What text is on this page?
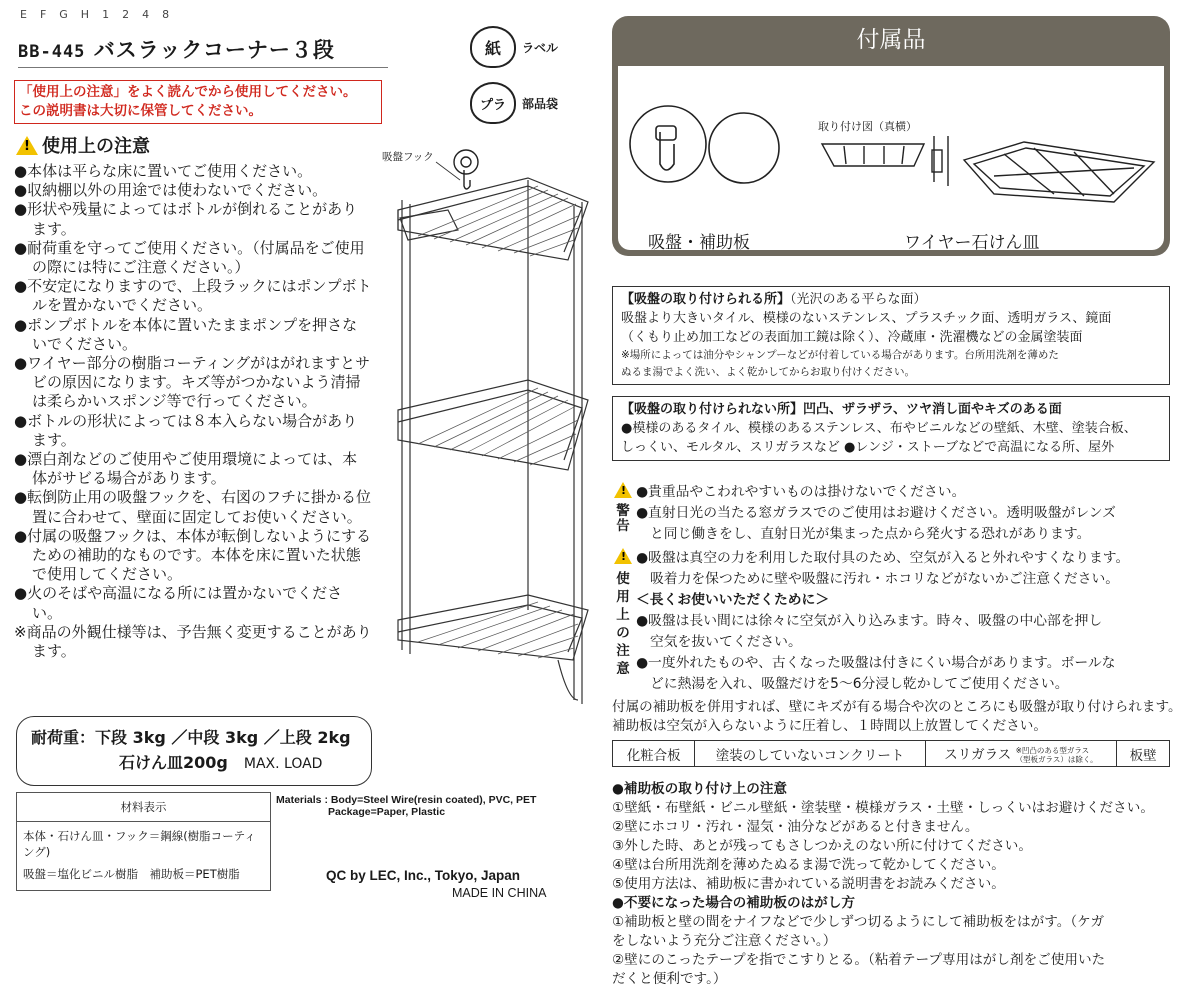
EFGH1248
BB-445 バスラックコーナー３段	紙	ラベル
プラ	部品袋
「使用上の注意」をよく読んでから使用してください。
この説明書は大切に保管してください。
!
使用上の注意
●本体は平らな床に置いてご使用ください。
●収納棚以外の用途では使わないでください。
●形状や残量によってはボトルが倒れることがあります。
●耐荷重を守ってご使用ください。（付属品をご使用の際には特にご注意ください。）
●不安定になりますので、上段ラックにはポンプボトルを置かないでください。
●ポンプボトルを本体に置いたままポンプを押さないでください。
●ワイヤー部分の樹脂コーティングがはがれますとサビの原因になります。キズ等がつかないよう清掃は柔らかいスポンジ等で行ってください。
●ボトルの形状によっては８本入らない場合があります。
●漂白剤などのご使用やご使用環境によっては、本体がサビる場合があります。
●転倒防止用の吸盤フックを、右図のフチに掛かる位置に合わせて、壁面に固定してお使いください。
●付属の吸盤フックは、本体が転倒しないようにするための補助的なものです。本体を床に置いた状態で使用してください。
●火のそばや高温になる所には置かないでください。
※商品の外観仕様等は、予告無く変更することがあります。
吸盤フック
耐荷重：下段 3kg ／中段 3kg ／上段 2kg
石けん皿200g　 MAX. LOAD
材料表示
本体・石けん皿・フック＝鋼線(樹脂コーティング)
吸盤＝塩化ビニル樹脂　補助板＝PET樹脂
Materials : Body=Steel Wire(resin coated), PVC, PET
Package=Paper, Plastic
QC by LEC, Inc., Tokyo, Japan
MADE IN CHINA
付属品
吸盤・補助板
取り付け図（真横）
ワイヤー石けん皿
【吸盤の取り付けられる所】（光沢のある平らな面）
吸盤より大きいタイル、模様のないステンレス、プラスチック面、透明ガラス、鏡面
（くもり止め加工などの表面加工鏡は除く）、冷蔵庫・洗濯機などの金属塗装面
※場所によっては油分やシャンプーなどが付着している場合があります。台所用洗剤を薄めた
ぬるま湯でよく洗い、よく乾かしてからお取り付けください。
【吸盤の取り付けられない所】凹凸、ザラザラ、ツヤ消し面やキズのある面
●模様のあるタイル、模様のあるステンレス、布やビニルなどの壁紙、木壁、塗装合板、
しっくい、モルタル、スリガラスなど ●レンジ・ストーブなどで高温になる所、屋外
!
警
告
●貴重品やこわれやすいものは掛けないでください。
●直射日光の当たる窓ガラスでのご使用はお避けください。透明吸盤がレンズ
と同じ働きをし、直射日光が集まった点から発火する恐れがあります。
!
使
用
上
の
注
意
●吸盤は真空の力を利用した取付具のため、空気が入ると外れやすくなります。
吸着力を保つために壁や吸盤に汚れ・ホコリなどがないかご注意ください。
＜長くお使いいただくために＞
●吸盤は長い間には徐々に空気が入り込みます。時々、吸盤の中心部を押し
空気を抜いてください。
●一度外れたものや、古くなった吸盤は付きにくい場合があります。ボールな
どに熱湯を入れ、吸盤だけを5～6分浸し乾かしてご使用ください。
付属の補助板を併用すれば、壁にキズが有る場合や次のところにも吸盤が取り付けられます。
補助板は空気が入らないように圧着し、１時間以上放置してください。
化粧合板	塗装のしていないコンクリート	スリガラス ※凹凸のある型ガラス
（型板ガラス）は除く。	板壁
●補助板の取り付け上の注意
①壁紙・布壁紙・ビニル壁紙・塗装壁・模様ガラス・土壁・しっくいはお避けください。
②壁にホコリ・汚れ・湿気・油分などがあると付きません。
③外した時、あとが残ってもさしつかえのない所に付けてください。
④壁は台所用洗剤を薄めたぬるま湯で洗って乾かしてください。
⑤使用方法は、補助板に書かれている説明書をお読みください。
●不要になった場合の補助板のはがし方
①補助板と壁の間をナイフなどで少しずつ切るようにして補助板をはがす。（ケガ
をしないよう充分ご注意ください。）
②壁にのこったテープを指でこすりとる。（粘着テープ専用はがし剤をご使用いた
だくと便利です。）
